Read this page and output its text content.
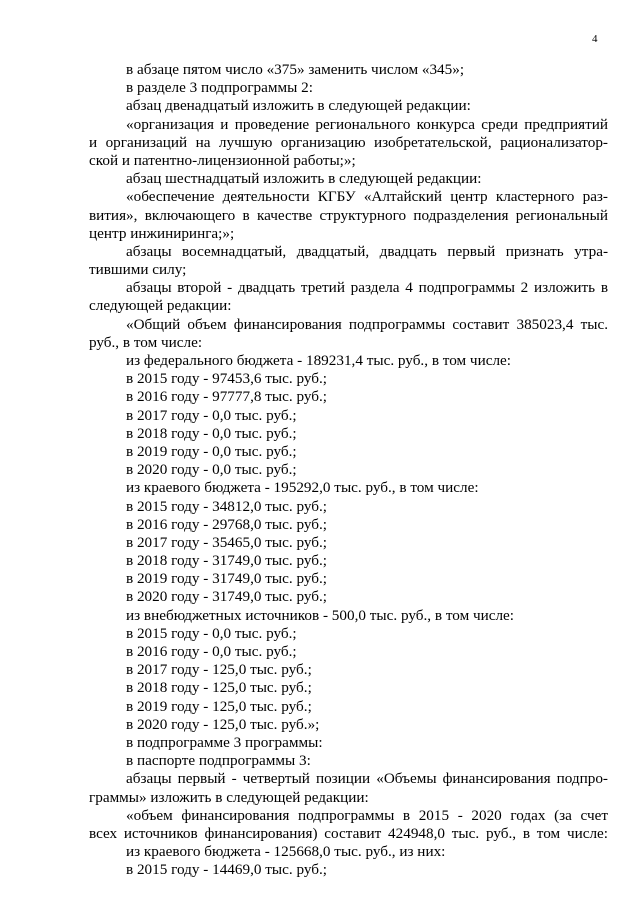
4
в абзаце пятом число «375» заменить числом «345»;
в разделе 3 подпрограммы 2:
абзац двенадцатый изложить в следующей редакции:
«организация и проведение регионального конкурса среди предприятий
и организаций на лучшую организацию изобретательской, рационализатор-
ской и патентно-лицензионной работы;»;
абзац шестнадцатый изложить в следующей редакции:
«обеспечение деятельности КГБУ «Алтайский центр кластерного раз-
вития», включающего в качестве структурного подразделения региональный
центр инжиниринга;»;
абзацы восемнадцатый, двадцатый, двадцать первый признать утра-
тившими силу;
абзацы второй - двадцать третий раздела 4 подпрограммы 2 изложить в
следующей редакции:
«Общий объем финансирования подпрограммы составит 385023,4 тыс.
руб., в том числе:
из федерального бюджета - 189231,4 тыс. руб., в том числе:
в 2015 году - 97453,6 тыс. руб.;
в 2016 году - 97777,8 тыс. руб.;
в 2017 году - 0,0 тыс. руб.;
в 2018 году - 0,0 тыс. руб.;
в 2019 году - 0,0 тыс. руб.;
в 2020 году - 0,0 тыс. руб.;
из краевого бюджета - 195292,0 тыс. руб., в том числе:
в 2015 году - 34812,0 тыс. руб.;
в 2016 году - 29768,0 тыс. руб.;
в 2017 году - 35465,0 тыс. руб.;
в 2018 году - 31749,0 тыс. руб.;
в 2019 году - 31749,0 тыс. руб.;
в 2020 году - 31749,0 тыс. руб.;
из внебюджетных источников - 500,0 тыс. руб., в том числе:
в 2015 году - 0,0 тыс. руб.;
в 2016 году - 0,0 тыс. руб.;
в 2017 году - 125,0 тыс. руб.;
в 2018 году - 125,0 тыс. руб.;
в 2019 году - 125,0 тыс. руб.;
в 2020 году - 125,0 тыс. руб.»;
в подпрограмме 3 программы:
в паспорте подпрограммы 3:
абзацы первый - четвертый позиции «Объемы финансирования подпро-
граммы» изложить в следующей редакции:
«объем финансирования подпрограммы в 2015 - 2020 годах (за счет
всех источников финансирования) составит 424948,0 тыс. руб., в том числе:
из краевого бюджета - 125668,0 тыс. руб., из них:
в 2015 году - 14469,0 тыс. руб.;
